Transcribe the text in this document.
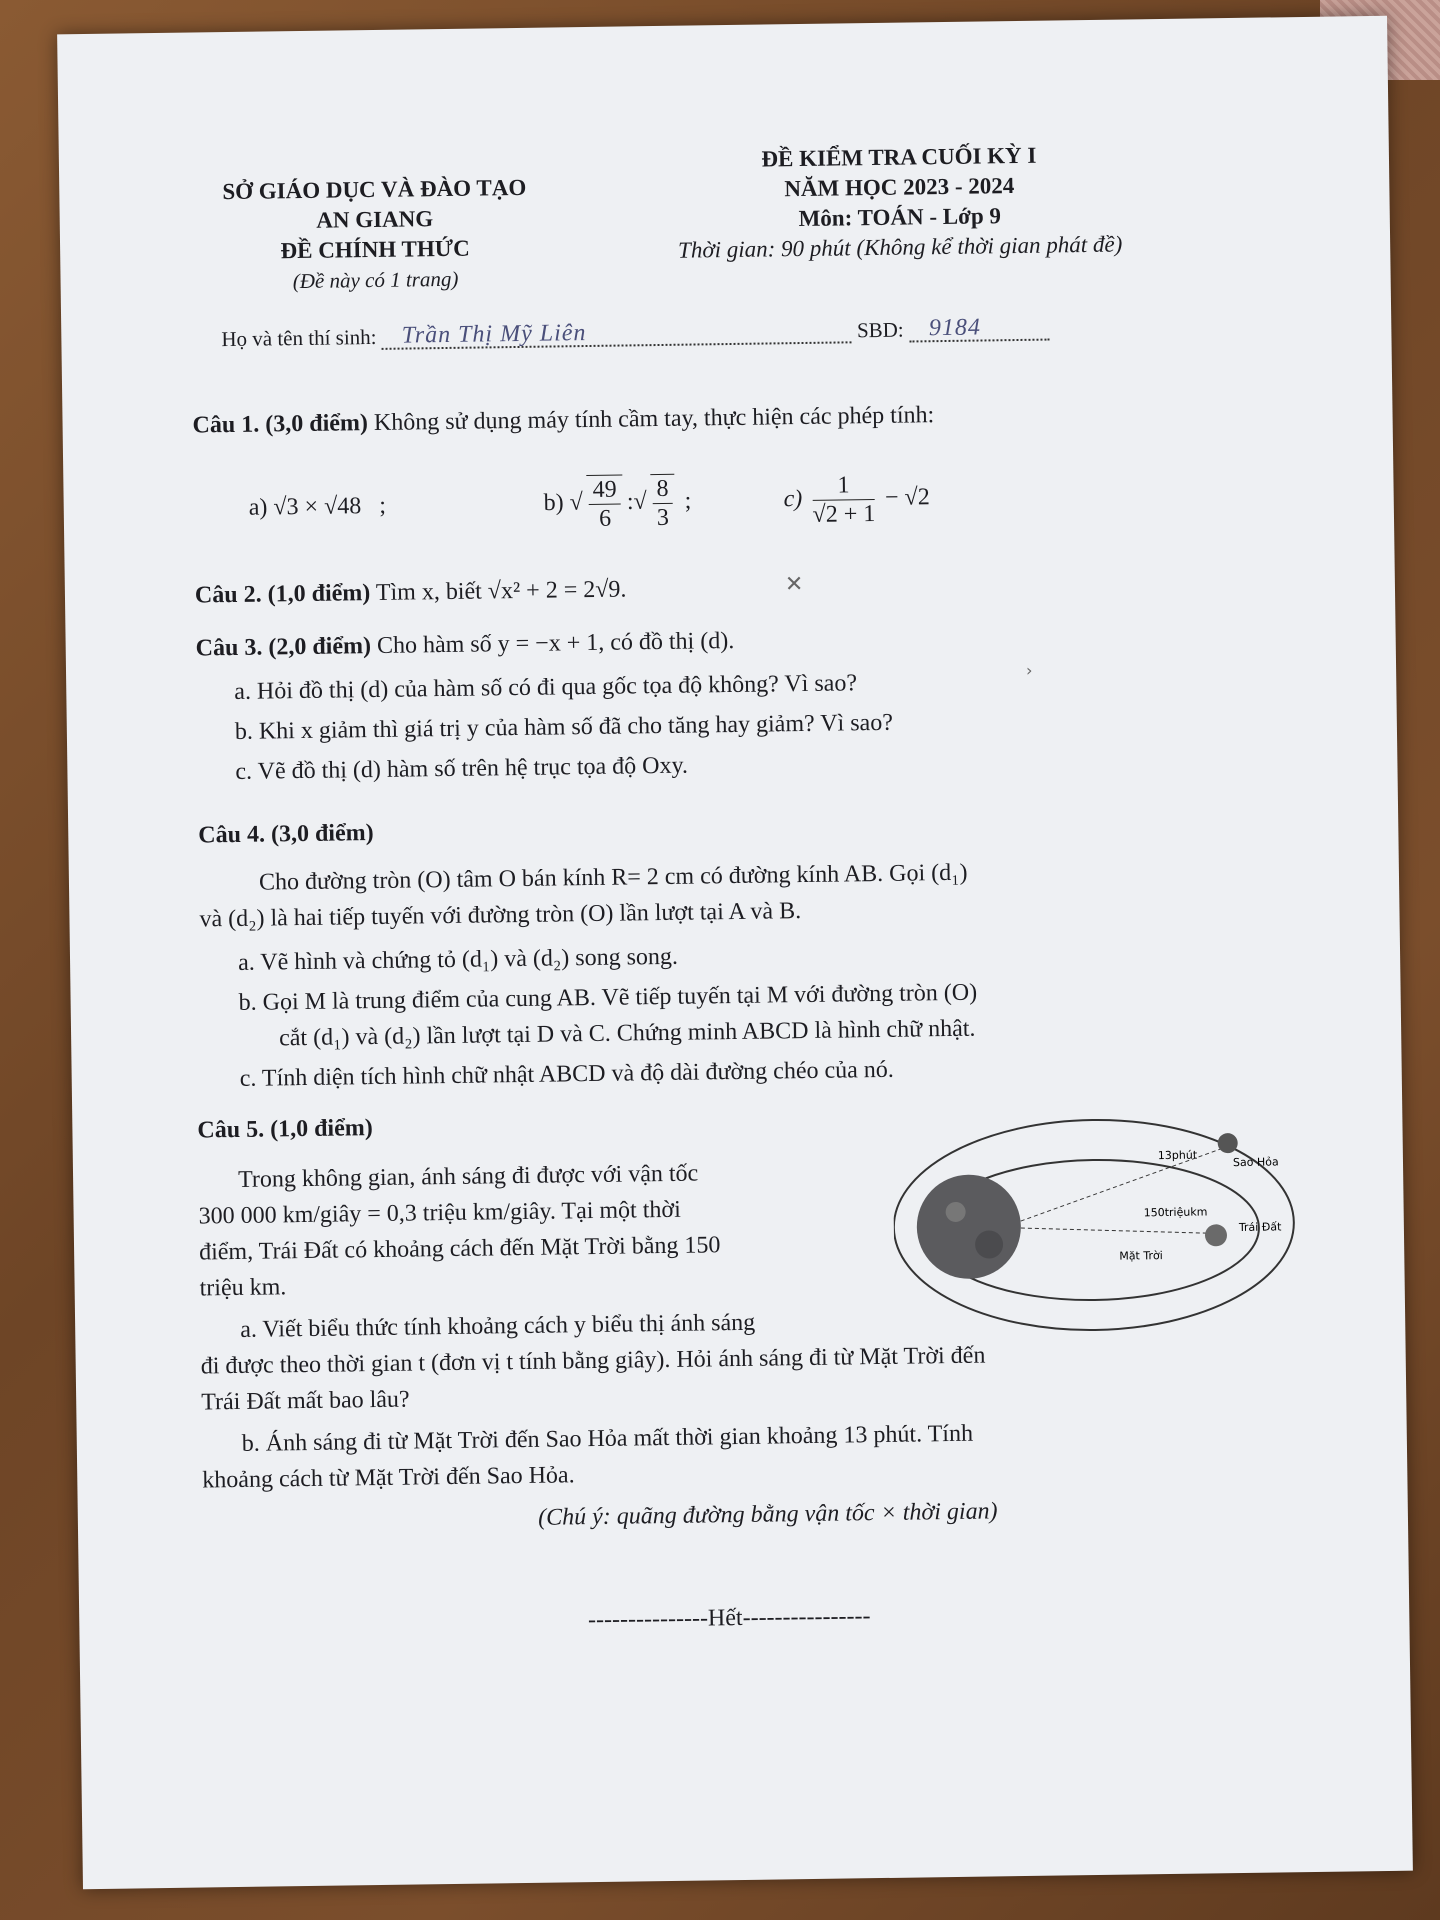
SỞ GIÁO DỤC VÀ ĐÀO TẠO
AN GIANG
ĐỀ CHÍNH THỨC
(Đề này có 1 trang)
ĐỀ KIỂM TRA CUỐI KỲ I
NĂM HỌC 2023 - 2024
Môn: TOÁN - Lớp 9
Thời gian: 90 phút (Không kể thời gian phát đề)
Họ và tên thí sinh: Trần Thị Mỹ Liên	SBD: 9184
Câu 1. (3,0 điểm) Không sử dụng máy tính cầm tay, thực hiện các phép tính:
a) √3 × √48 ;	b) √ $\frac{49}{6}$ :√ $\frac{8}{3}$ ;	$c) \frac{1}{√2 + 1} - √2$
Câu 2. (1,0 điểm) Tìm x, biết √x² + 2 = 2√9.
Câu 3. (2,0 điểm) Cho hàm số y = −x + 1, có đồ thị (d).
a. Hỏi đồ thị (d) của hàm số có đi qua gốc tọa độ không? Vì sao?
b. Khi x giảm thì giá trị y của hàm số đã cho tăng hay giảm? Vì sao?
c. Vẽ đồ thị (d) hàm số trên hệ trục tọa độ Oxy.
Câu 4. (3,0 điểm)
Cho đường tròn (O) tâm O bán kính R= 2 cm có đường kính AB. Gọi (d₁)
và (d₂) là hai tiếp tuyến với đường tròn (O) lần lượt tại A và B.
a. Vẽ hình và chứng tỏ (d₁) và (d₂) song song.
b. Gọi M là trung điểm của cung AB. Vẽ tiếp tuyến tại M với đường tròn (O)
cắt (d₁) và (d₂) lần lượt tại D và C. Chứng minh ABCD là hình chữ nhật.
c. Tính diện tích hình chữ nhật ABCD và độ dài đường chéo của nó.
Câu 5. (1,0 điểm)
Trong không gian, ánh sáng đi được với vận tốc
300 000 km/giây = 0,3 triệu km/giây. Tại một thời
điểm, Trái Đất có khoảng cách đến Mặt Trời bằng 150
triệu km.
a. Viết biểu thức tính khoảng cách y biểu thị ánh sáng
đi được theo thời gian t (đơn vị t tính bằng giây). Hỏi ánh sáng đi từ Mặt Trời đến
Trái Đất mất bao lâu?
b. Ánh sáng đi từ Mặt Trời đến Sao Hỏa mất thời gian khoảng 13 phút. Tính
khoảng cách từ Mặt Trời đến Sao Hỏa.
(Chú ý: quãng đường bằng vận tốc × thời gian)
13phút
Sao Hỏa
150triệukm
Trái Đất
Mặt Trời
---------------Hết----------------
✕
›
